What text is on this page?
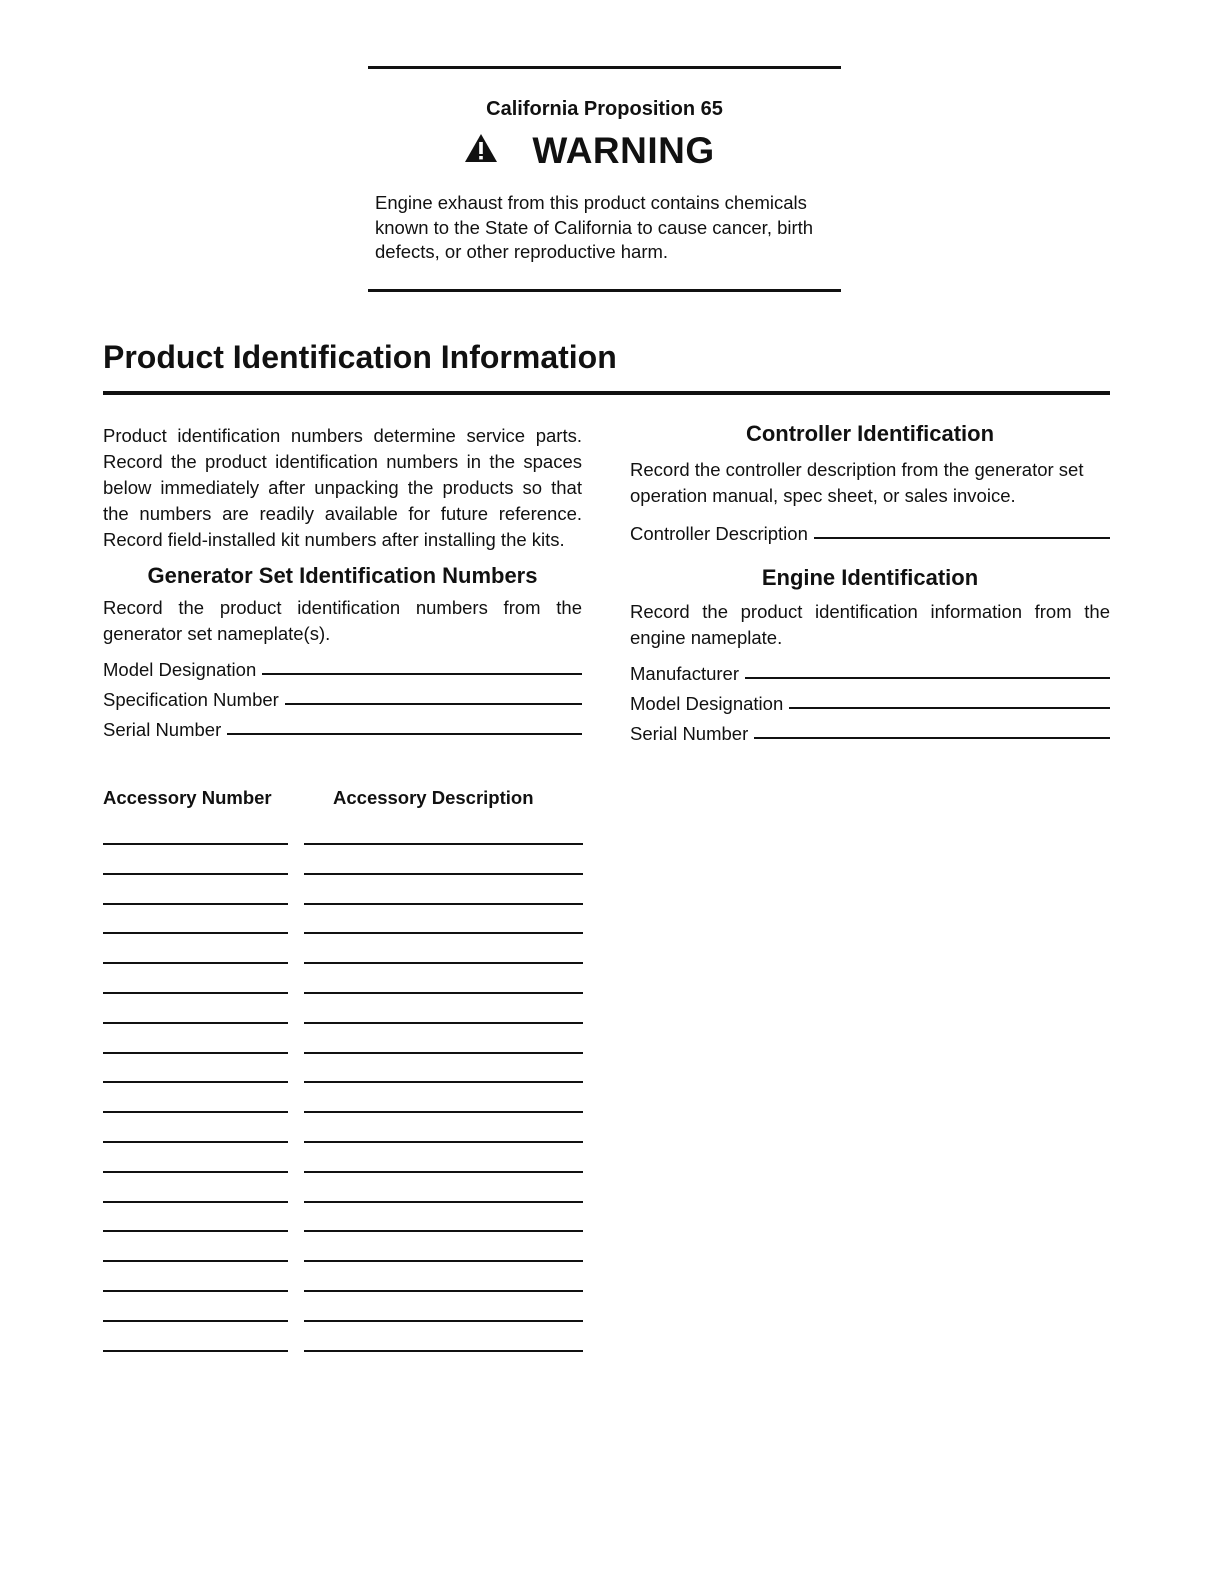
California Proposition 65
WARNING
Engine exhaust from this product contains chemicals known to the State of California to cause cancer, birth defects, or other reproductive harm.
Product Identification Information
Product identification numbers determine service parts. Record the product identification numbers in the spaces below immediately after unpacking the products so that the numbers are readily available for future reference. Record field-installed kit numbers after installing the kits.
Generator Set Identification Numbers
Record the product identification numbers from the generator set nameplate(s).
Model Designation
Specification Number
Serial Number
Accessory Number	Accessory Description
Controller Identification
Record the controller description from the generator set operation manual, spec sheet, or sales invoice.
Controller Description
Engine Identification
Record the product identification information from the engine nameplate.
Manufacturer
Model Designation
Serial Number
